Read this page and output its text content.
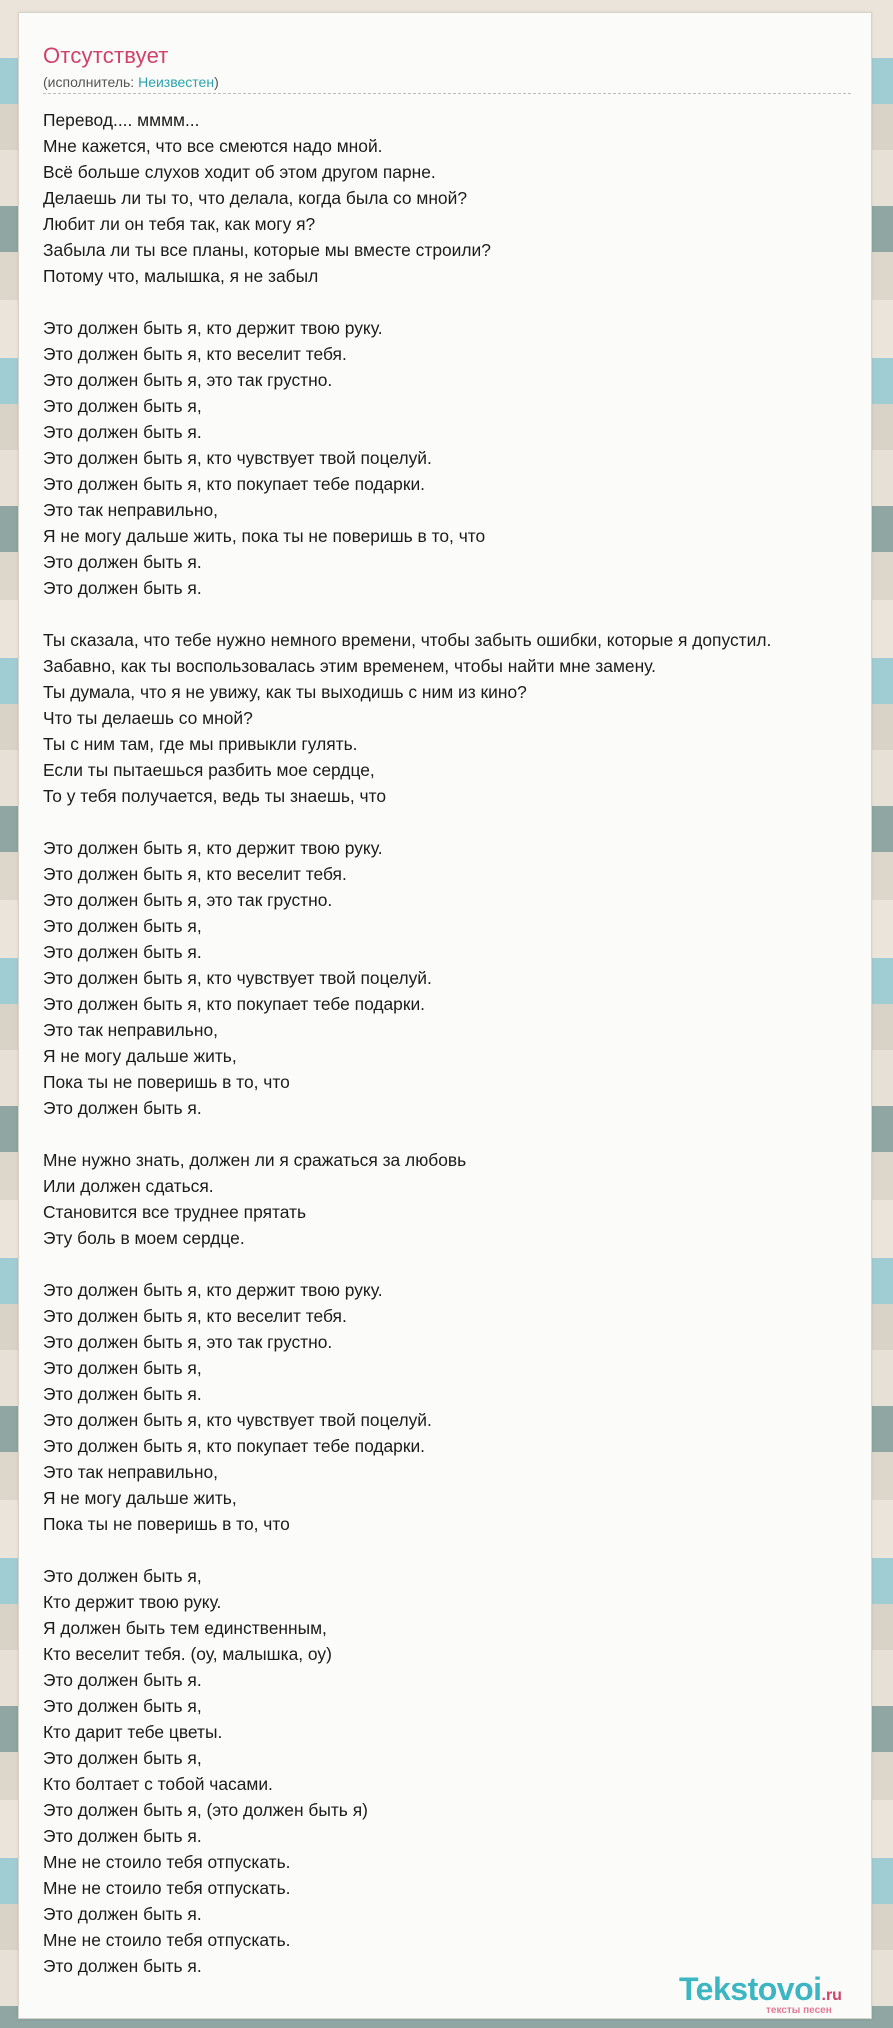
Отсутствует
(исполнитель: Неизвестен)
Перевод.... мммм...
Мне кажется, что все смеются надо мной.
Всё больше слухов ходит об этом другом парне.
Делаешь ли ты то, что делала, когда была со мной?
Любит ли он тебя так, как могу я?
Забыла ли ты все планы, которые мы вместе строили?
Потому что, малышка, я не забыл

Это должен быть я, кто держит твою руку.
Это должен быть я, кто веселит тебя.
Это должен быть я, это так грустно.
Это должен быть я,
Это должен быть я.
Это должен быть я, кто чувствует твой поцелуй.
Это должен быть я, кто покупает тебе подарки.
Это так неправильно,
Я не могу дальше жить, пока ты не поверишь в то, что
Это должен быть я.
Это должен быть я.

Ты сказала, что тебе нужно немного времени, чтобы забыть ошибки, которые я допустил.
Забавно, как ты воспользовалась этим временем, чтобы найти мне замену.
Ты думала, что я не увижу, как ты выходишь с ним из кино?
Что ты делаешь со мной?
Ты с ним там, где мы привыкли гулять.
Если ты пытаешься разбить мое сердце,
То у тебя получается, ведь ты знаешь, что

Это должен быть я, кто держит твою руку.
Это должен быть я, кто веселит тебя.
Это должен быть я, это так грустно.
Это должен быть я,
Это должен быть я.
Это должен быть я, кто чувствует твой поцелуй.
Это должен быть я, кто покупает тебе подарки.
Это так неправильно,
Я не могу дальше жить,
Пока ты не поверишь в то, что
Это должен быть я.

Мне нужно знать, должен ли я сражаться за любовь
Или должен сдаться.
Становится все труднее прятать
Эту боль в моем сердце.

Это должен быть я, кто держит твою руку.
Это должен быть я, кто веселит тебя.
Это должен быть я, это так грустно.
Это должен быть я,
Это должен быть я.
Это должен быть я, кто чувствует твой поцелуй.
Это должен быть я, кто покупает тебе подарки.
Это так неправильно,
Я не могу дальше жить,
Пока ты не поверишь в то, что

Это должен быть я,
Кто держит твою руку.
Я должен быть тем единственным,
Кто веселит тебя. (оу, малышка, оу)
Это должен быть я.
Это должен быть я,
Кто дарит тебе цветы.
Это должен быть я,
Кто болтает с тобой часами.
Это должен быть я, (это должен быть я)
Это должен быть я.
Мне не стоило тебя отпускать.
Мне не стоило тебя отпускать.
Это должен быть я.
Мне не стоило тебя отпускать.
Это должен быть я.

Tekstovoi.ru
тексты песен
